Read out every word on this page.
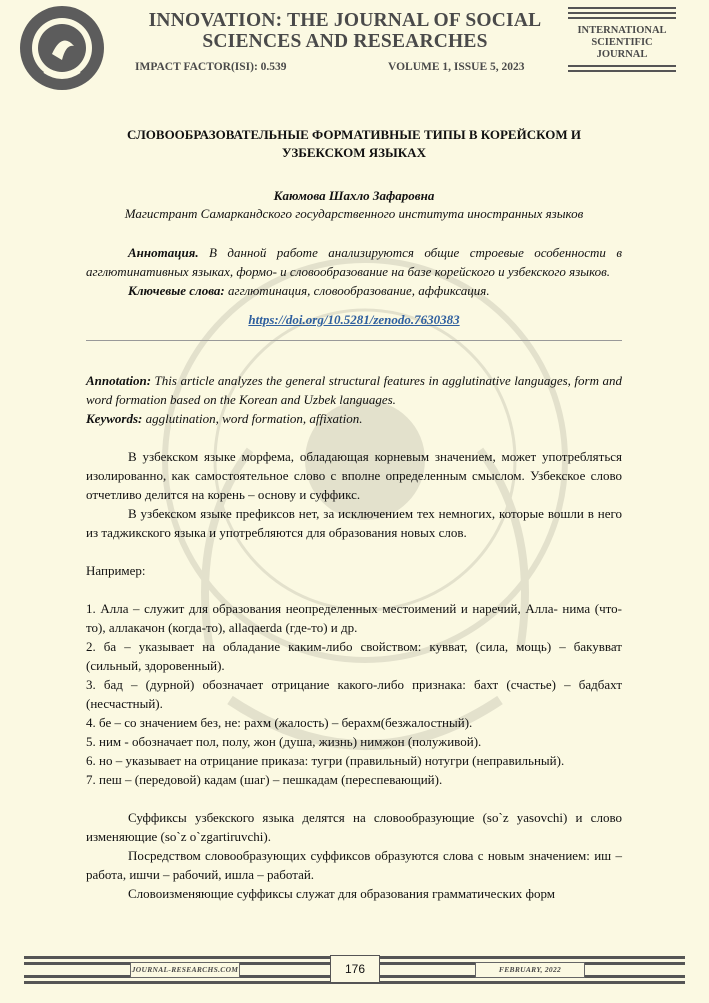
INNOVATION: THE JOURNAL OF SOCIAL
SCIENCES AND RESEARCHES
IMPACT FACTOR(ISI): 0.539	VOLUME 1, ISSUE 5, 2023
INTERNATIONAL
SCIENTIFIC
JOURNAL
СЛОВООБРАЗОВАТЕЛЬНЫЕ ФОРМАТИВНЫЕ ТИПЫ В КОРЕЙСКОМ И
УЗБЕКСКОМ ЯЗЫКАХ
Каюмова Шахло Зафаровна
Магистрант Самаркандского государственного института иностранных языков

Аннотация. В данной работе анализируются общие строевые особенности в агглютинативных языках, формо- и словообразование на базе корейского и узбекского языков.

Ключевые слова: агглютинация, словообразование, аффиксация.

https://doi.org/10.5281/zenodo.7630383

Annotation: This article analyzes the general structural features in agglutinative languages, form and word formation based on the Korean and Uzbek languages.

Keywords: agglutination, word formation, affixation.

В узбекском языке морфема, обладающая корневым значением, может употребляться изолированно, как самостоятельное слово с вполне определенным смыслом. Узбекское слово отчетливо делится на корень – основу и суффикс.

В узбекском языке префиксов нет, за исключением тех немногих, которые вошли в него из таджикского языка и употребляются для образования новых слов.

Например:

1. Алла – служит для образования неопределенных местоимений и наречий, Алла- нима (что-то), аллакачон (когда-то), allaqaerda (где-то) и др.

2. ба – указывает на обладание каким-либо свойством: кувват, (сила, мощь) – бакувват (сильный, здоровенный).

3. бад – (дурной) обозначает отрицание какого-либо признака: бахт (счастье) – бадбахт (несчастный).

4. бе – со значением без, не: рахм (жалость) – берахм(безжалостный).

5. ним - обозначает пол, полу, жон (душа, жизнь) нимжон (полуживой).

6. но – указывает на отрицание приказа: тугри (правильный) нотугри (неправильный).

7. пеш – (передовой) кадам (шаг) – пешкадам (переспевающий).

Суффиксы узбекского языка делятся на словообразующие (so`z yasovchi) и слово изменяющие (so`z o`zgartiruvchi).

Посредством словообразующих суффиксов образуются слова с новым значением: иш – работа, ишчи – рабочий, ишла – работай.

Словоизменяющие суффиксы служат для образования грамматических форм

JOURNAL-RESEARCHS.COM	176	FEBRUARY, 2022
